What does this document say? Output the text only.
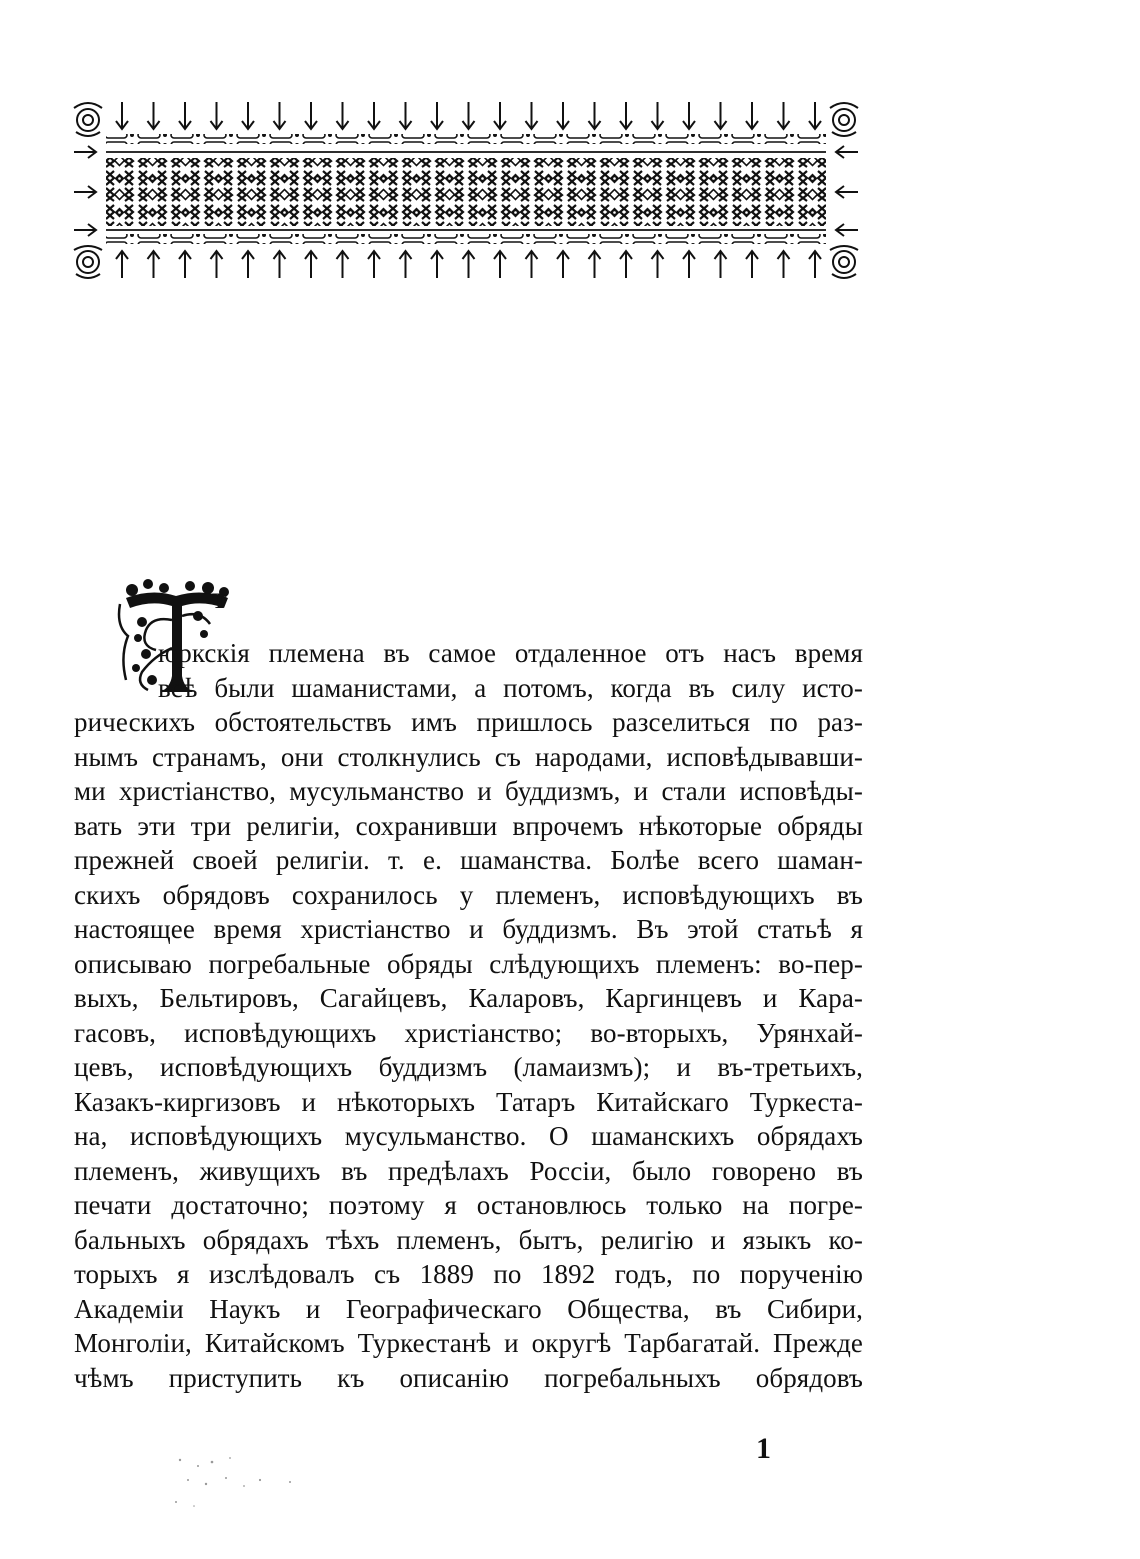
Т
юркскія племена въ самое отдаленное отъ насъ время
всѣ были шаманистами, а потомъ, когда въ силу исто-
рическихъ обстоятельствъ имъ пришлось разселиться по раз-
нымъ странамъ, они столкнулись съ народами, исповѣдывавши-
ми христіанство, мусульманство и буддизмъ, и стали исповѣды-
вать эти три религіи, сохранивши впрочемъ нѣкоторые обряды
прежней своей религіи. т. е. шаманства. Болѣе всего шаман-
скихъ обрядовъ сохранилось у племенъ, исповѣдующихъ въ
настоящее время христіанство и буддизмъ. Въ этой статьѣ я
описываю погребальные обряды слѣдующихъ племенъ: во-пер-
выхъ, Бельтировъ, Сагайцевъ, Каларовъ, Каргинцевъ и Кара-
гасовъ, исповѣдующихъ христіанство; во-вторыхъ, Урянхай-
цевъ, исповѣдующихъ буддизмъ (ламаизмъ); и въ-третьихъ,
Казакъ-киргизовъ и нѣкоторыхъ Татаръ Китайскаго Туркеста-
на, исповѣдующихъ мусульманство. О шаманскихъ обрядахъ
племенъ, живущихъ въ предѣлахъ Россіи, было говорено въ
печати достаточно; поэтому я остановлюсь только на погре-
бальныхъ обрядахъ тѣхъ племенъ, бытъ, религію и языкъ ко-
торыхъ я изслѣдовалъ съ 1889 по 1892 годъ, по порученію
Академіи Наукъ и Географическаго Общества, въ Сибири,
Монголіи, Китайскомъ Туркестанѣ и округѣ Тарбагатай. Прежде
чѣмъ приступить къ описанію погребальныхъ обрядовъ
1
